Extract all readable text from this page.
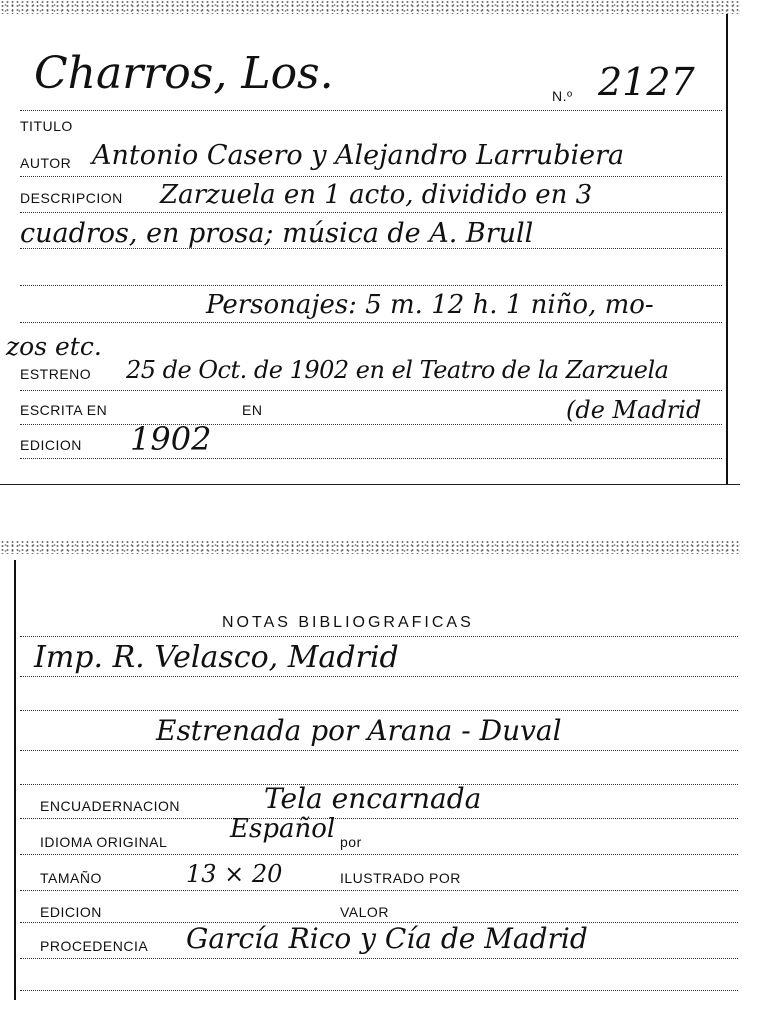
Charros, Los.	N.º 2127
TITULO
AUTOR Antonio Casero y Alejandro Larrubiera
DESCRIPCION Zarzuela en 1 acto, dividido en 3
cuadros, en prosa; música de A. Brull
Personajes: 5 m. 12 h. 1 niño, mo-
zos etc.
ESTRENO 25 de Oct. de 1902 en el Teatro de la Zarzuela
ESCRITA EN	EN	(de Madrid
EDICION 1902
NOTAS BIBLIOGRAFICAS
Imp. R. Velasco, Madrid
Estrenada por Arana - Duval
ENCUADERNACION	Tela encarnada
IDIOMA ORIGINAL Español por
TAMAÑO	13 × 20	ILUSTRADO POR
EDICION	VALOR
PROCEDENCIA García Rico y Cía de Madrid
